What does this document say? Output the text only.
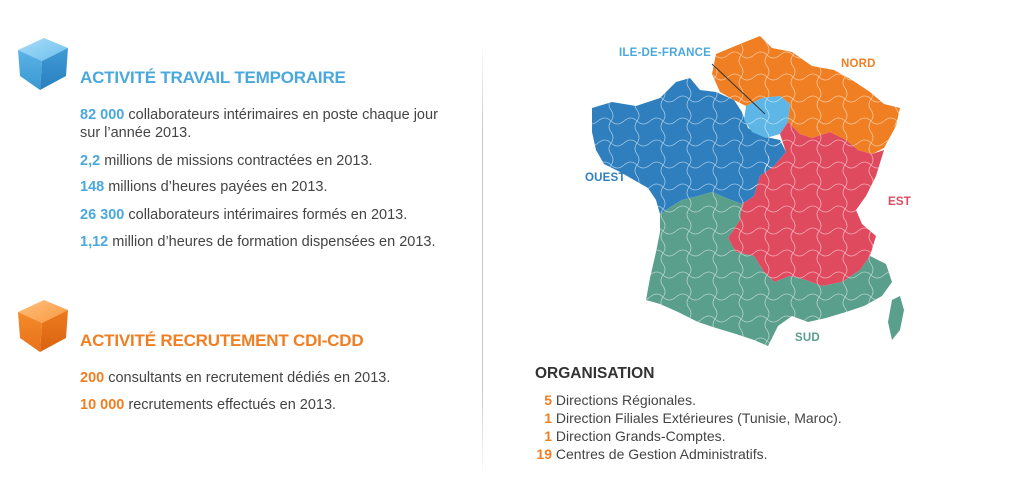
ACTIVITÉ TRAVAIL TEMPORAIRE
82 000 collaborateurs intérimaires en poste chaque jour sur l’année 2013.
2,2 millions de missions contractées en 2013.
148 millions d’heures payées en 2013.
26 300 collaborateurs intérimaires formés en 2013.
1,12 million d’heures de formation dispensées en 2013.
ACTIVITÉ RECRUTEMENT CDI-CDD
200 consultants en recrutement dédiés en 2013.
10 000 recrutements effectués en 2013.
ILE-DE-FRANCE
NORD
OUEST
EST
SUD
ORGANISATION
5 Directions Régionales.
1 Direction Filiales Extérieures (Tunisie, Maroc).
1 Direction Grands-Comptes.
19 Centres de Gestion Administratifs.
